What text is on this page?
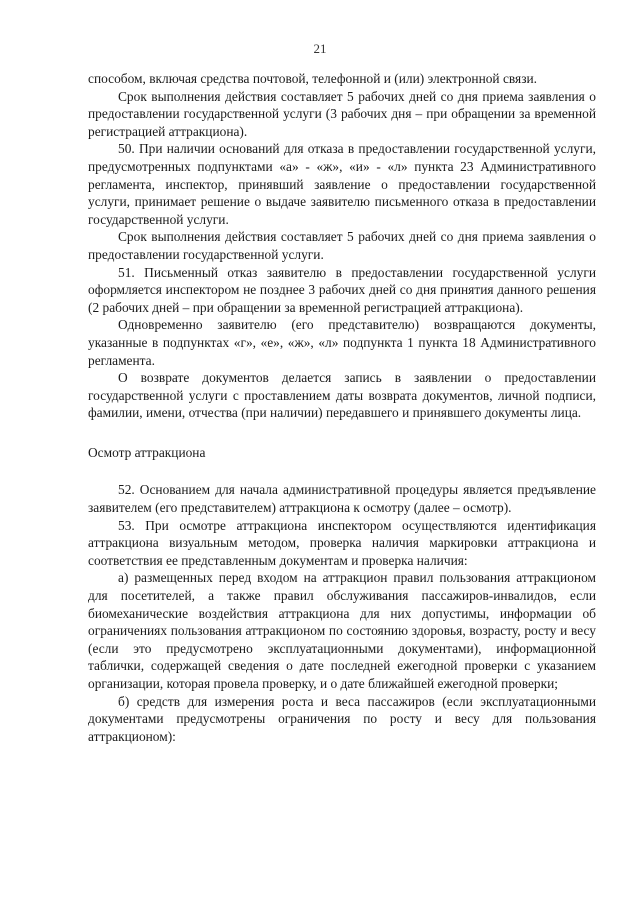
21

способом, включая средства почтовой, телефонной и (или) электронной связи.

Срок выполнения действия составляет 5 рабочих дней со дня приема заявления о предоставлении государственной услуги (3 рабочих дня – при обращении за временной регистрацией аттракциона).

50. При наличии оснований для отказа в предоставлении государственной услуги, предусмотренных подпунктами «а» - «ж», «и» - «л» пункта 23 Административного регламента, инспектор, принявший заявление о предоставлении государственной услуги, принимает решение о выдаче заявителю письменного отказа в предоставлении государственной услуги.

Срок выполнения действия составляет 5 рабочих дней со дня приема заявления о предоставлении государственной услуги.

51. Письменный отказ заявителю в предоставлении государственной услуги оформляется инспектором не позднее 3 рабочих дней со дня принятия данного решения (2 рабочих дней – при обращении за временной регистрацией аттракциона).

Одновременно заявителю (его представителю) возвращаются документы, указанные в подпунктах «г», «е», «ж», «л» подпункта 1 пункта 18 Административного регламента.

О возврате документов делается запись в заявлении о предоставлении государственной услуги с проставлением даты возврата документов, личной подписи, фамилии, имени, отчества (при наличии) передавшего и принявшего документы лица.

Осмотр аттракциона

52. Основанием для начала административной процедуры является предъявление заявителем (его представителем) аттракциона к осмотру (далее – осмотр).

53. При осмотре аттракциона инспектором осуществляются идентификация аттракциона визуальным методом, проверка наличия маркировки аттракциона и соответствия ее представленным документам и проверка наличия:

а) размещенных перед входом на аттракцион правил пользования аттракционом для посетителей, а также правил обслуживания пассажиров-инвалидов, если биомеханические воздействия аттракциона для них допустимы, информации об ограничениях пользования аттракционом по состоянию здоровья, возрасту, росту и весу (если это предусмотрено эксплуатационными документами), информационной таблички, содержащей сведения о дате последней ежегодной проверки с указанием организации, которая провела проверку, и о дате ближайшей ежегодной проверки;

б) средств для измерения роста и веса пассажиров (если эксплуатационными документами предусмотрены ограничения по росту и весу для пользования аттракционом):
